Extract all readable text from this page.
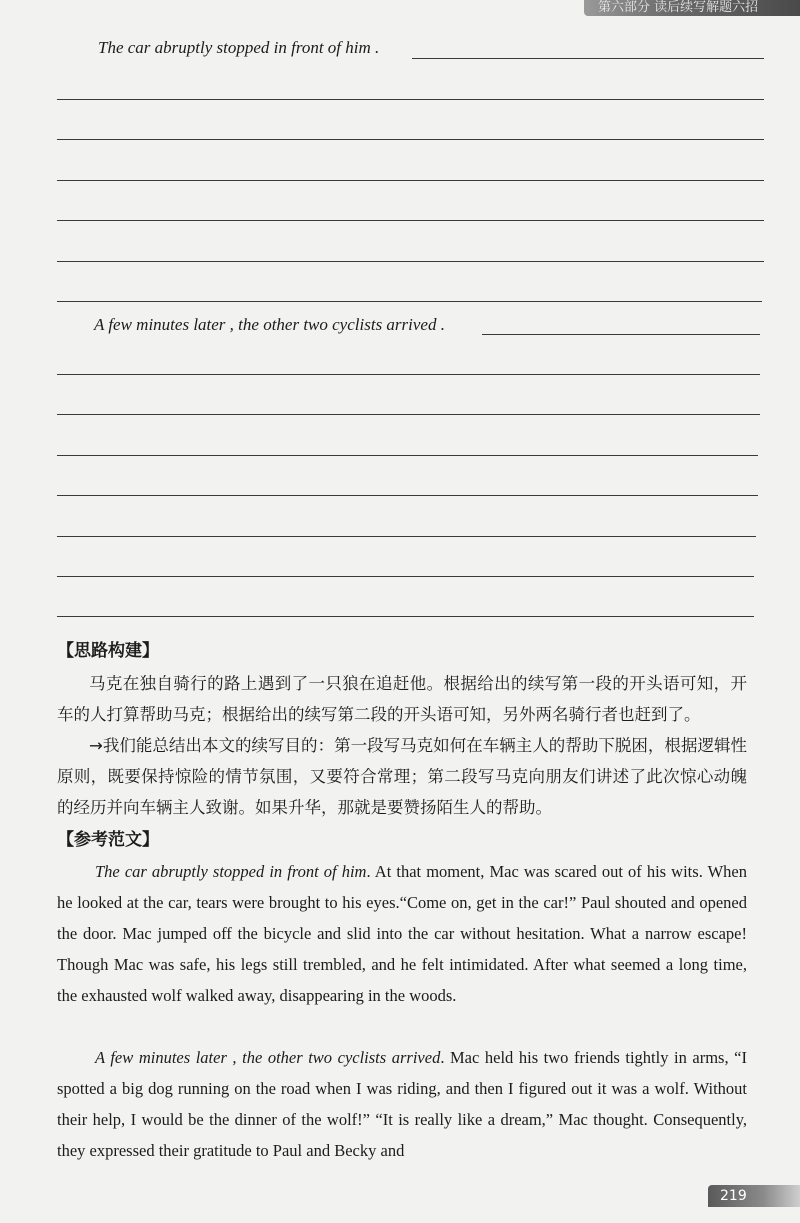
第六部分 读后续写解题六招
The car abruptly stopped in front of him .
A few minutes later , the other two cyclists arrived .
【思路构建】
马克在独自骑行的路上遇到了一只狼在追赶他。根据给出的续写第一段的开头语可知，开车的人打算帮助马克；根据给出的续写第二段的开头语可知，另外两名骑行者也赶到了。
→我们能总结出本文的续写目的：第一段写马克如何在车辆主人的帮助下脱困，根据逻辑性原则，既要保持惊险的情节氛围，又要符合常理；第二段写马克向朋友们讲述了此次惊心动魄的经历并向车辆主人致谢。如果升华，那就是要赞扬陌生人的帮助。
【参考范文】
The car abruptly stopped in front of him. At that moment, Mac was scared out of his wits. When he looked at the car, tears were brought to his eyes.“Come on, get in the car!” Paul shouted and opened the door. Mac jumped off the bicycle and slid into the car without hesitation. What a narrow escape! Though Mac was safe, his legs still trembled, and he felt intimidated. After what seemed a long time, the exhausted wolf walked away, disappearing in the woods.
A few minutes later , the other two cyclists arrived. Mac held his two friends tightly in arms, “I spotted a big dog running on the road when I was riding, and then I figured out it was a wolf. Without their help, I would be the dinner of the wolf!” “It is really like a dream,” Mac thought. Consequently, they expressed their gratitude to Paul and Becky and
219
